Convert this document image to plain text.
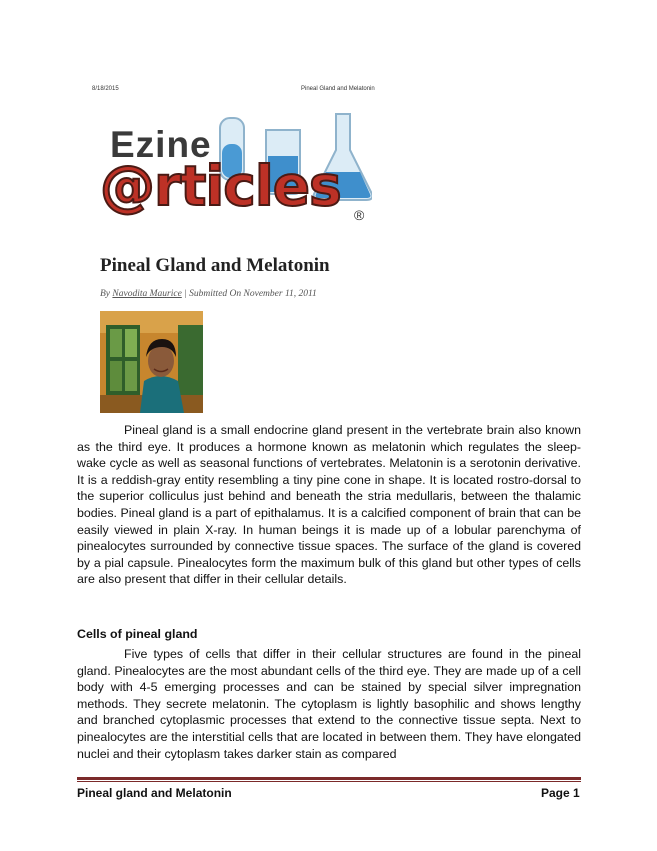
8/18/2015	Pineal Gland and Melatonin
Ezine
@rticles ®
Pineal Gland and Melatonin
By Navodita Maurice | Submitted On November 11, 2011
Pineal gland is a small endocrine gland present in the vertebrate brain also known as the third eye. It produces a hormone known as melatonin which regulates the sleep-wake cycle as well as seasonal functions of vertebrates. Melatonin is a serotonin derivative. It is a reddish-gray entity resembling a tiny pine cone in shape. It is located rostro-dorsal to the superior colliculus just behind and beneath the stria medullaris, between the thalamic bodies. Pineal gland is a part of epithalamus. It is a calcified component of brain that can be easily viewed in plain X-ray. In human beings it is made up of a lobular parenchyma of pinealocytes surrounded by connective tissue spaces. The surface of the gland is covered by a pial capsule. Pinealocytes form the maximum bulk of this gland but other types of cells are also present that differ in their cellular details.
Cells of pineal gland
Five types of cells that differ in their cellular structures are found in the pineal gland. Pinealocytes are the most abundant cells of the third eye. They are made up of a cell body with 4-5 emerging processes and can be stained by special silver impregnation methods. They secrete melatonin. The cytoplasm is lightly basophilic and shows lengthy and branched cytoplasmic processes that extend to the connective tissue septa. Next to pinealocytes are the interstitial cells that are located in between them. They have elongated nuclei and their cytoplasm takes darker stain as compared
Pineal gland and Melatonin	Page 1
